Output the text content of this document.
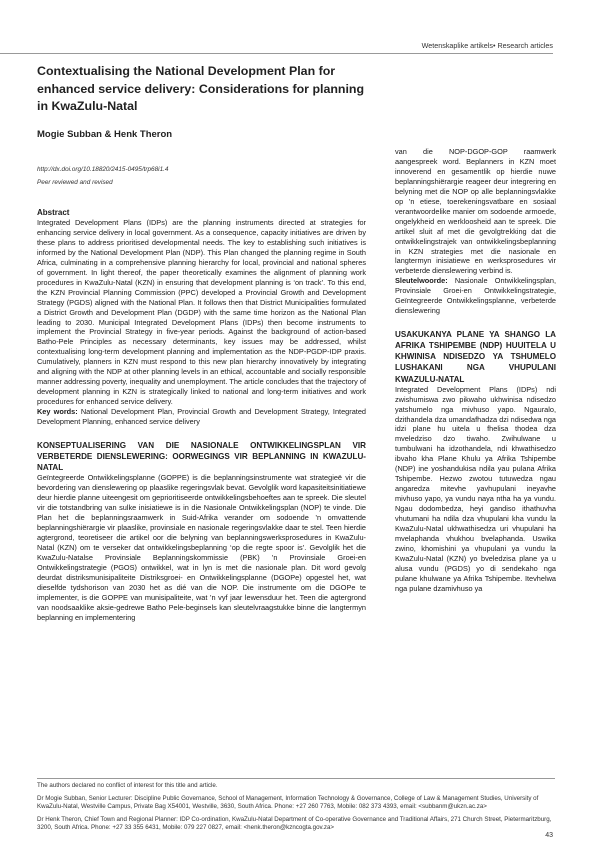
Wetenskaplike artikels• Research articles
Contextualising the National Development Plan for enhanced service delivery: Considerations for planning in KwaZulu-Natal
Mogie Subban & Henk Theron
http://dx.doi.org/10.18820/2415-0495/trp68i1.4
Peer reviewed and revised

Abstract

Integrated Development Plans (IDPs) are the planning instruments directed at strategies for enhancing service delivery in local government. As a consequence, capacity initiatives are driven by these plans to address prioritised developmental needs. The key to establishing such initiatives is informed by the National Development Plan (NDP). This Plan changed the planning regime in South Africa, culminating in a comprehensive planning hierarchy for local, provincial and national spheres of government. In light thereof, the paper theoretically examines the alignment of planning work procedures in KwaZulu-Natal (KZN) in ensuring that development planning is ‘on track’. To this end, the KZN Provincial Planning Commission (PPC) developed a Provincial Growth and Development Strategy (PGDS) aligned with the National Plan. It follows then that District Municipalities formulated a District Growth and Development Plan (DGDP) with the same time horizon as the National Plan leading to 2030. Municipal Integrated Development Plans (IDPs) then become instruments to implement the Provincial Strategy in five-year periods. Against the background of action-based Batho-Pele Principles as necessary determinants, key issues may be addressed, whilst contextualising long-term development planning and implementation as the NDP-PGDP-IDP praxis. Cumulatively, planners in KZN must respond to this new plan hierarchy innovatively by integrating and aligning with the NDP at other planning levels in an ethical, accountable and socially responsible manner addressing poverty, inequality and unemployment. The article concludes that the trajectory of development planning in KZN is strategically linked to national and long-term initiatives and work procedures for enhanced service delivery.

Key words: National Development Plan, Provincial Growth and Development Strategy, Integrated Development Planning, enhanced service delivery

KONSEPTUALISERING VAN DIE NASIONALE ONTWIKKELINGSPLAN VIR VERBETERDE DIENSLEWERING: OORWEGINGS VIR BEPLANNING IN KWAZULU-NATAL

Geïntegreerde Ontwikkelingsplanne (GOPPE) is die beplanningsinstrumente wat strategieë vir die bevordering van dienslewering op plaaslike regeringsvlak bevat. Gevolglik word kapasiteitsinitiatiewe deur hierdie planne uiteengesit om geprioritiseerde ontwikkelingsbehoeftes aan te spreek. Die sleutel vir die totstandbring van sulke inisiatiewe is in die Nasionale Ontwikkelingsplan (NOP) te vinde. Die Plan het die beplanningsraamwerk in Suid-Afrika verander om sodoende ’n omvattende beplanningshiërargie vir plaaslike, provinsiale en nasionale regeringsvlakke daar te stel. Teen hierdie agtergrond, teoretiseer die artikel oor die belyning van beplanningswerksprosedures in KwaZulu-Natal (KZN) om te verseker dat ontwikkelingsbeplanning ‘op die regte spoor is’. Gevolglik het die KwaZulu-Natalse Provinsiale Beplanningskommissie (PBK) ’n Provinsiale Groei-en Ontwikkelingstrategie (PGOS) ontwikkel, wat in lyn is met die nasionale plan. Dit word gevolg deurdat distriksmunisipaliteite Distriksgroei- en Ontwikkelingsplanne (DGOPe) opgestel het, wat dieselfde tydshorison van 2030 het as dié van die NOP. Die instrumente om die DGOPe te implementer, is die GOPPE van munisipaliteite, wat ’n vyf jaar lewensduur het. Teen die agtergrond van noodsaaklike aksie-gedrewe Batho Pele-beginsels kan sleutelvraagstukke binne die langtermyn beplanning en implementering

van die NOP-DGOP-GOP raamwerk aangespreek word. Beplanners in KZN moet innoverend en gesamentlik op hierdie nuwe beplanningshiërargie reageer deur integrering en belyning met die NOP op alle beplanningsvlakke op ’n etiese, toerekeningsvatbare en sosiaal verantwoordelike manier om sodoende armoede, ongelykheid en werkloosheid aan te spreek. Die artikel sluit af met die gevolgtrekking dat die ontwikkelingstrajek van ontwikkelingsbeplanning in KZN strategies met die nasionale en langtermyn inisiatiewe en werksprosedures vir verbeterde dienslewering verbind is.

Sleutelwoorde: Nasionale Ontwikkelingsplan, Provinsiale Groei-en Ontwikkelingstrategie, Geïntegreerde Ontwikkelingsplanne, verbeterde dienslewering

USAKUKANYA PLANE YA SHANGO LA AFRIKA TSHIPEMBE (NDP) HUUITELA U KHWINISA NDISEDZO YA TSHUMELO LUSHAKANI NGA VHUPULANI KWAZULU-NATAL

Integrated Development Plans (IDPs) ndi zwishumiswa zwo pikwaho ukhwinisa ndisedzo yatshumelo nga mivhuso yapo. Ngauralo, dzithandela dza umandafhadza dzi ndisedwa nga idzi plane hu uitela u fhelisa thodea dza mveledziso dzo tiwaho. Zwihulwane u tumbulwani ha idzothandela, ndi khwathisedzo ibvaho kha Plane Khulu ya Afrika Tshipembe (NDP) ine yoshandukisa ndila yau pulana Afrika Tshipembe. Hezwo zwotou tutuwedza ngau angaredza mitevhe yavhupulani ineyavhe mivhuso yapo, ya vundu naya ntha ha ya vundu. Ngau dodombedza, heyi gandiso ithathuvha vhutumani ha ndila dza vhupulani kha vundu la KwaZulu-Natal ukhwathisedza uri vhupulani ha mvelaphanda vhukhou bvelaphanda. Uswika zwino, khomishini ya vhupulani ya vundu la KwaZulu-Natal (KZN) yo bveledzisa plane ya u alusa vundu (PGDS) yo di sendekaho nga pulane khulwane ya Afrika Tshipembe. Itevhelwa nga pulane dzamivhuso ya

The authors declared no conflict of interest for this title and article.

Dr Mogie Subban, Senior Lecturer: Discipline Public Governance, School of Management, Information Technology & Governance, College of Law & Management Studies, University of KwaZulu-Natal, Westville Campus, Private Bag X54001, Westville, 3630, South Africa. Phone: +27 260 7763, Mobile: 082 373 4393, email: <subbanm@ukzn.ac.za>

Dr Henk Theron, Chief Town and Regional Planner: IDP Co-ordination, KwaZulu-Natal Department of Co-operative Governance and Traditional Affairs, 271 Church Street, Pietermaritzburg, 3200, South Africa. Phone: +27 33 355 6431, Mobile: 079 227 0827, email: <henk.theron@kzncogta.gov.za>

43
